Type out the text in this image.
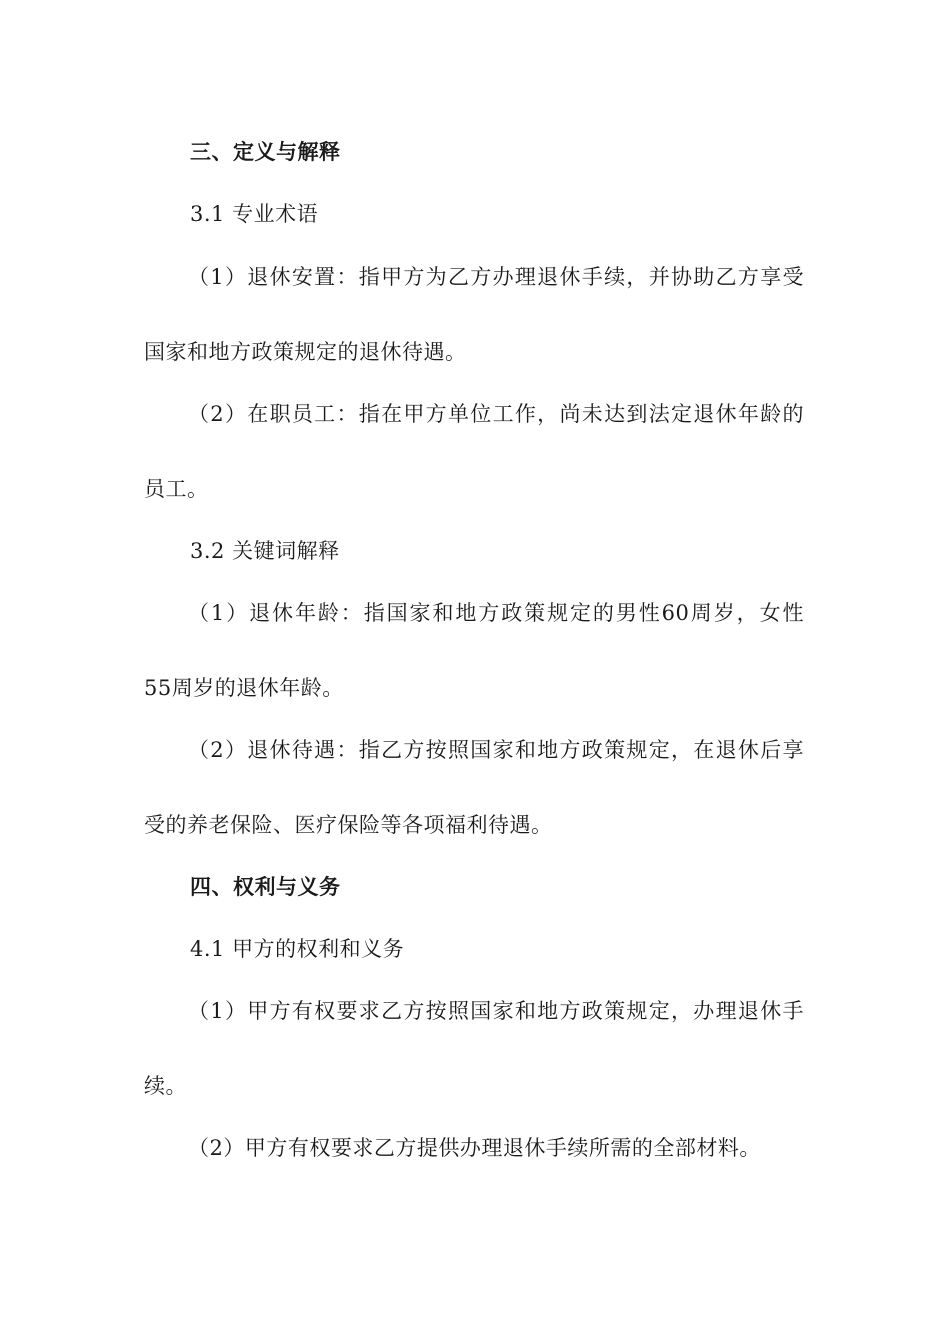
三、定义与解释
3.1 专业术语
（1）退休安置：指甲方为乙方办理退休手续，并协助乙方享受
国家和地方政策规定的退休待遇。
（2）在职员工：指在甲方单位工作，尚未达到法定退休年龄的
员工。
3.2 关键词解释
（1）退休年龄：指国家和地方政策规定的男性60周岁，女性
55周岁的退休年龄。
（2）退休待遇：指乙方按照国家和地方政策规定，在退休后享
受的养老保险、医疗保险等各项福利待遇。
四、权利与义务
4.1 甲方的权利和义务
（1）甲方有权要求乙方按照国家和地方政策规定，办理退休手
续。
（2）甲方有权要求乙方提供办理退休手续所需的全部材料。
